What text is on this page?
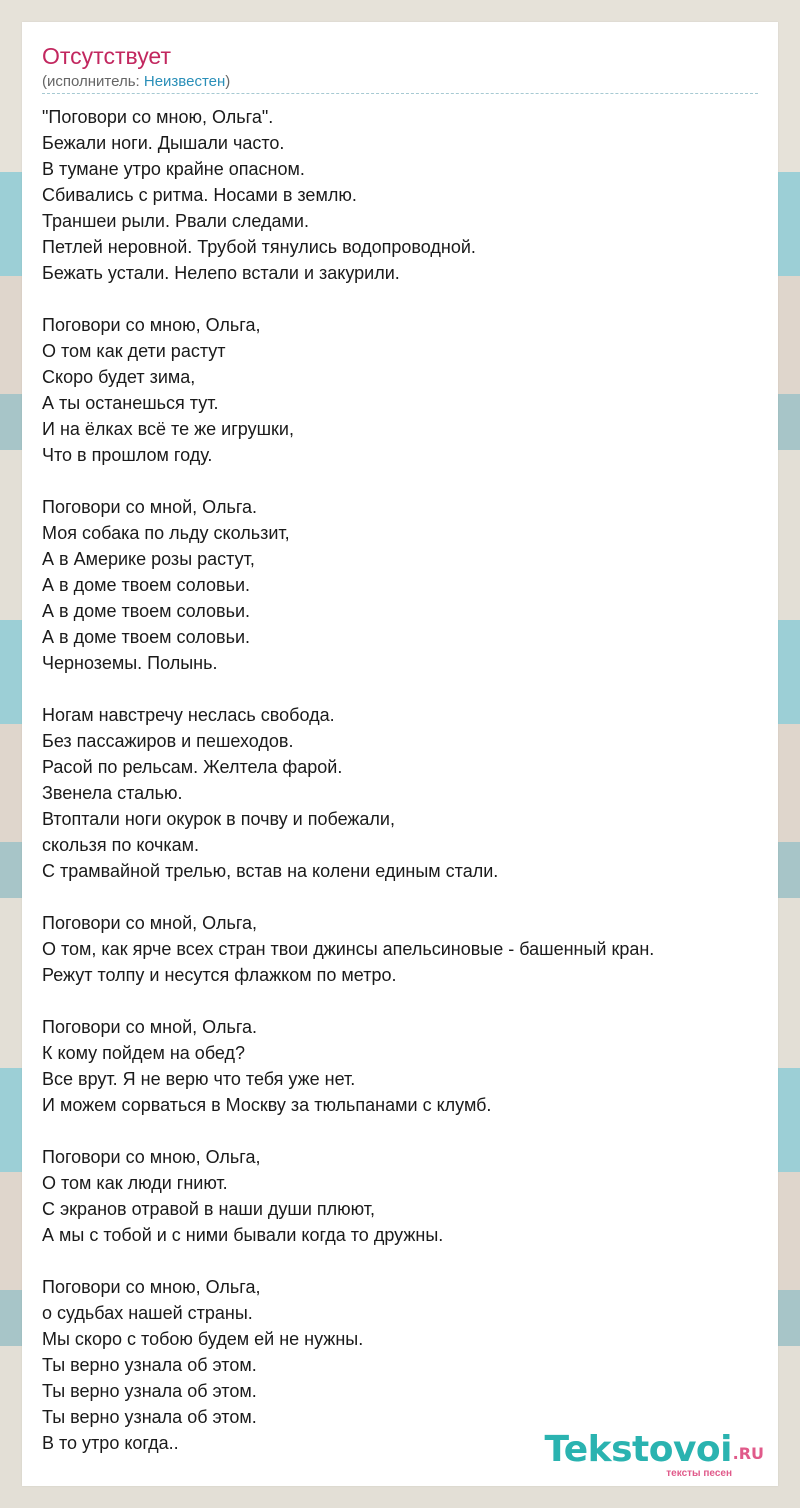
Отсутствует
(исполнитель: Неизвестен)
"Поговори со мною, Ольга".
Бежали ноги. Дышали часто.
В тумане утро крайне опасном.
Сбивались с ритма. Носами в землю.
Траншеи рыли. Рвали следами.
Петлей неровной. Трубой тянулись водопроводной.
Бежать устали. Нелепо встали и закурили.
Поговори со мною, Ольга,
О том как дети растут
Скоро будет зима,
А ты останешься тут.
И на ёлках всё те же игрушки,
Что в прошлом году.
Поговори со мной, Ольга.
Моя собака по льду скользит,
А в Америке розы растут,
А в доме твоем соловьи.
А в доме твоем соловьи.
А в доме твоем соловьи.
Черноземы. Полынь.
Ногам навстречу неслась свобода.
Без пассажиров и пешеходов.
Расой по рельсам. Желтела фарой.
Звенела сталью.
Втоптали ноги окурок в почву и побежали,
скользя по кочкам.
С трамвайной трелью, встав на колени единым стали.
Поговори со мной, Ольга,
О том, как ярче всех стран твои джинсы апельсиновые - башенный кран.
Режут толпу и несутся флажком по метро.
Поговори со мной, Ольга.
К кому пойдем на обед?
Все врут. Я не верю что тебя уже нет.
И можем сорваться в Москву за тюльпанами с клумб.
Поговори со мною, Ольга,
О том как люди гниют.
С экранов отравой в наши души плюют,
А мы с тобой и с ними бывали когда то дружны.
Поговори со мною, Ольга,
о судьбах нашей страны.
Мы скоро с тобою будем ей не нужны.
Ты верно узнала об этом.
Ты верно узнала об этом.
Ты верно узнала об этом.
В то утро когда..	Tekstovoi .RU
тексты песен
